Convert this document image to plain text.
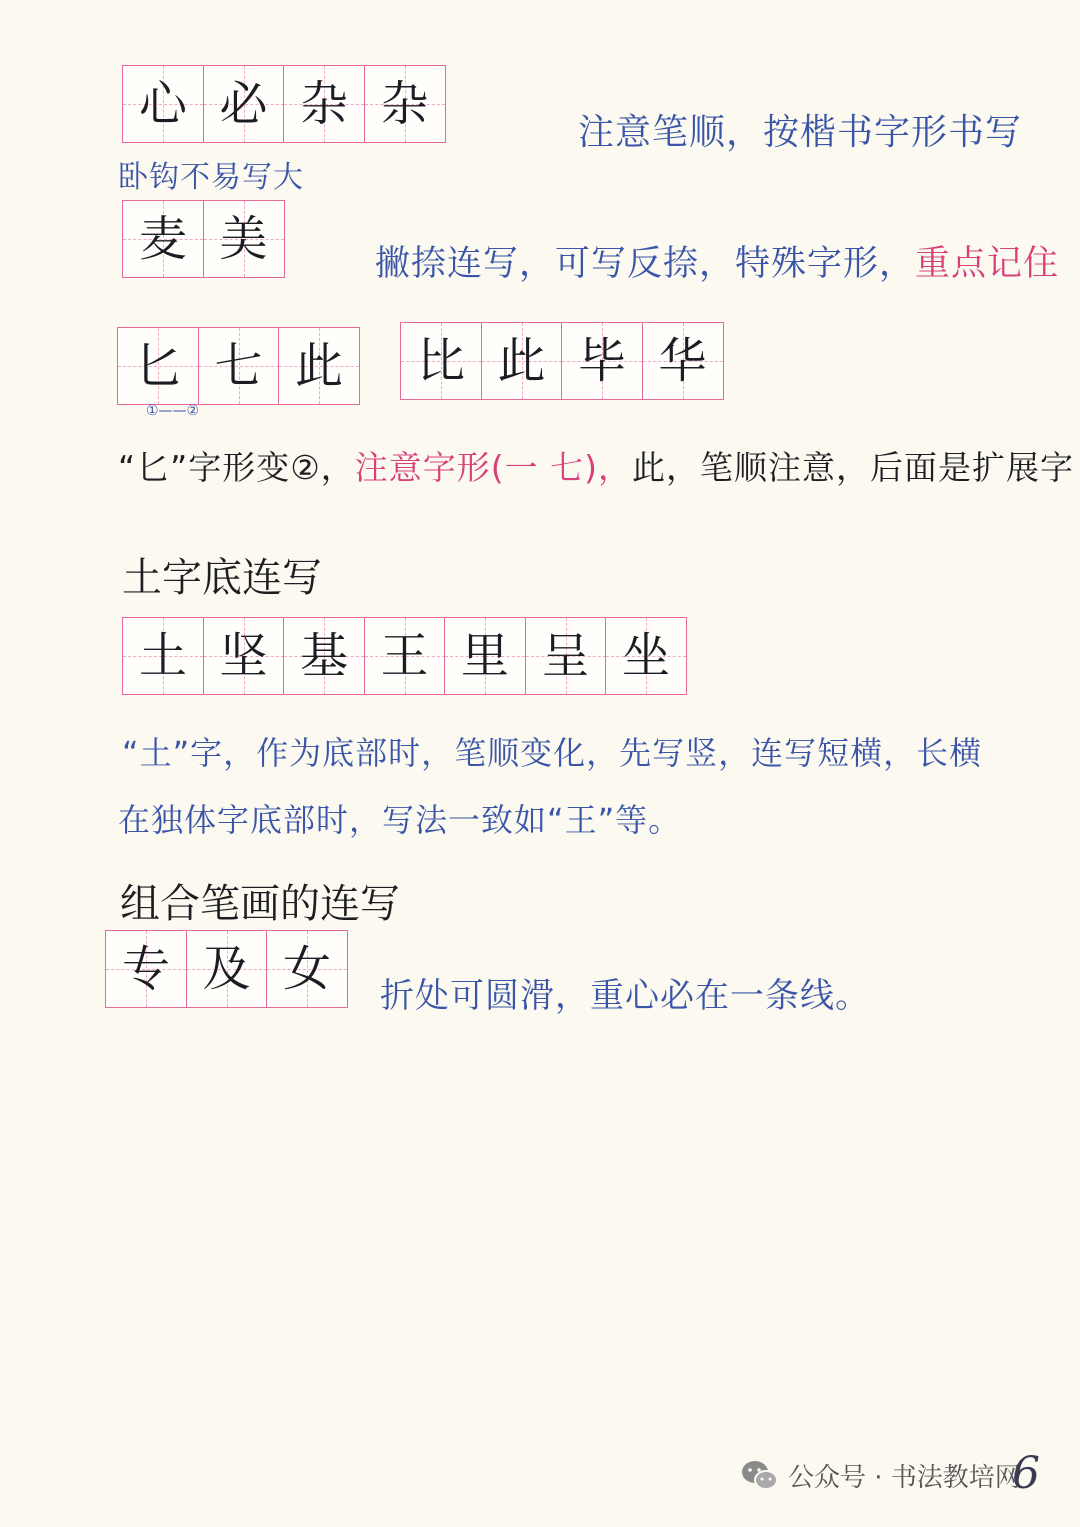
心 必 杂 杂
注意笔顺，按楷书字形书写
卧钩不易写大
麦 美	撇捺连写，可写反捺，特殊字形，重点记住
匕 七 此 比 此 毕 华
①——②
“匕”字形变②，注意字形(一 七)，此，笔顺注意，后面是扩展字
土字底连写
土 坚 基 王 里 呈 坐
“土”字，作为底部时，笔顺变化，先写竖，连写短横，长横
在独体字底部时，写法一致如“王”等。
组合笔画的连写
专 及 女 折处可圆滑，重心必在一条线。
公众号 · 书法教培网
6
